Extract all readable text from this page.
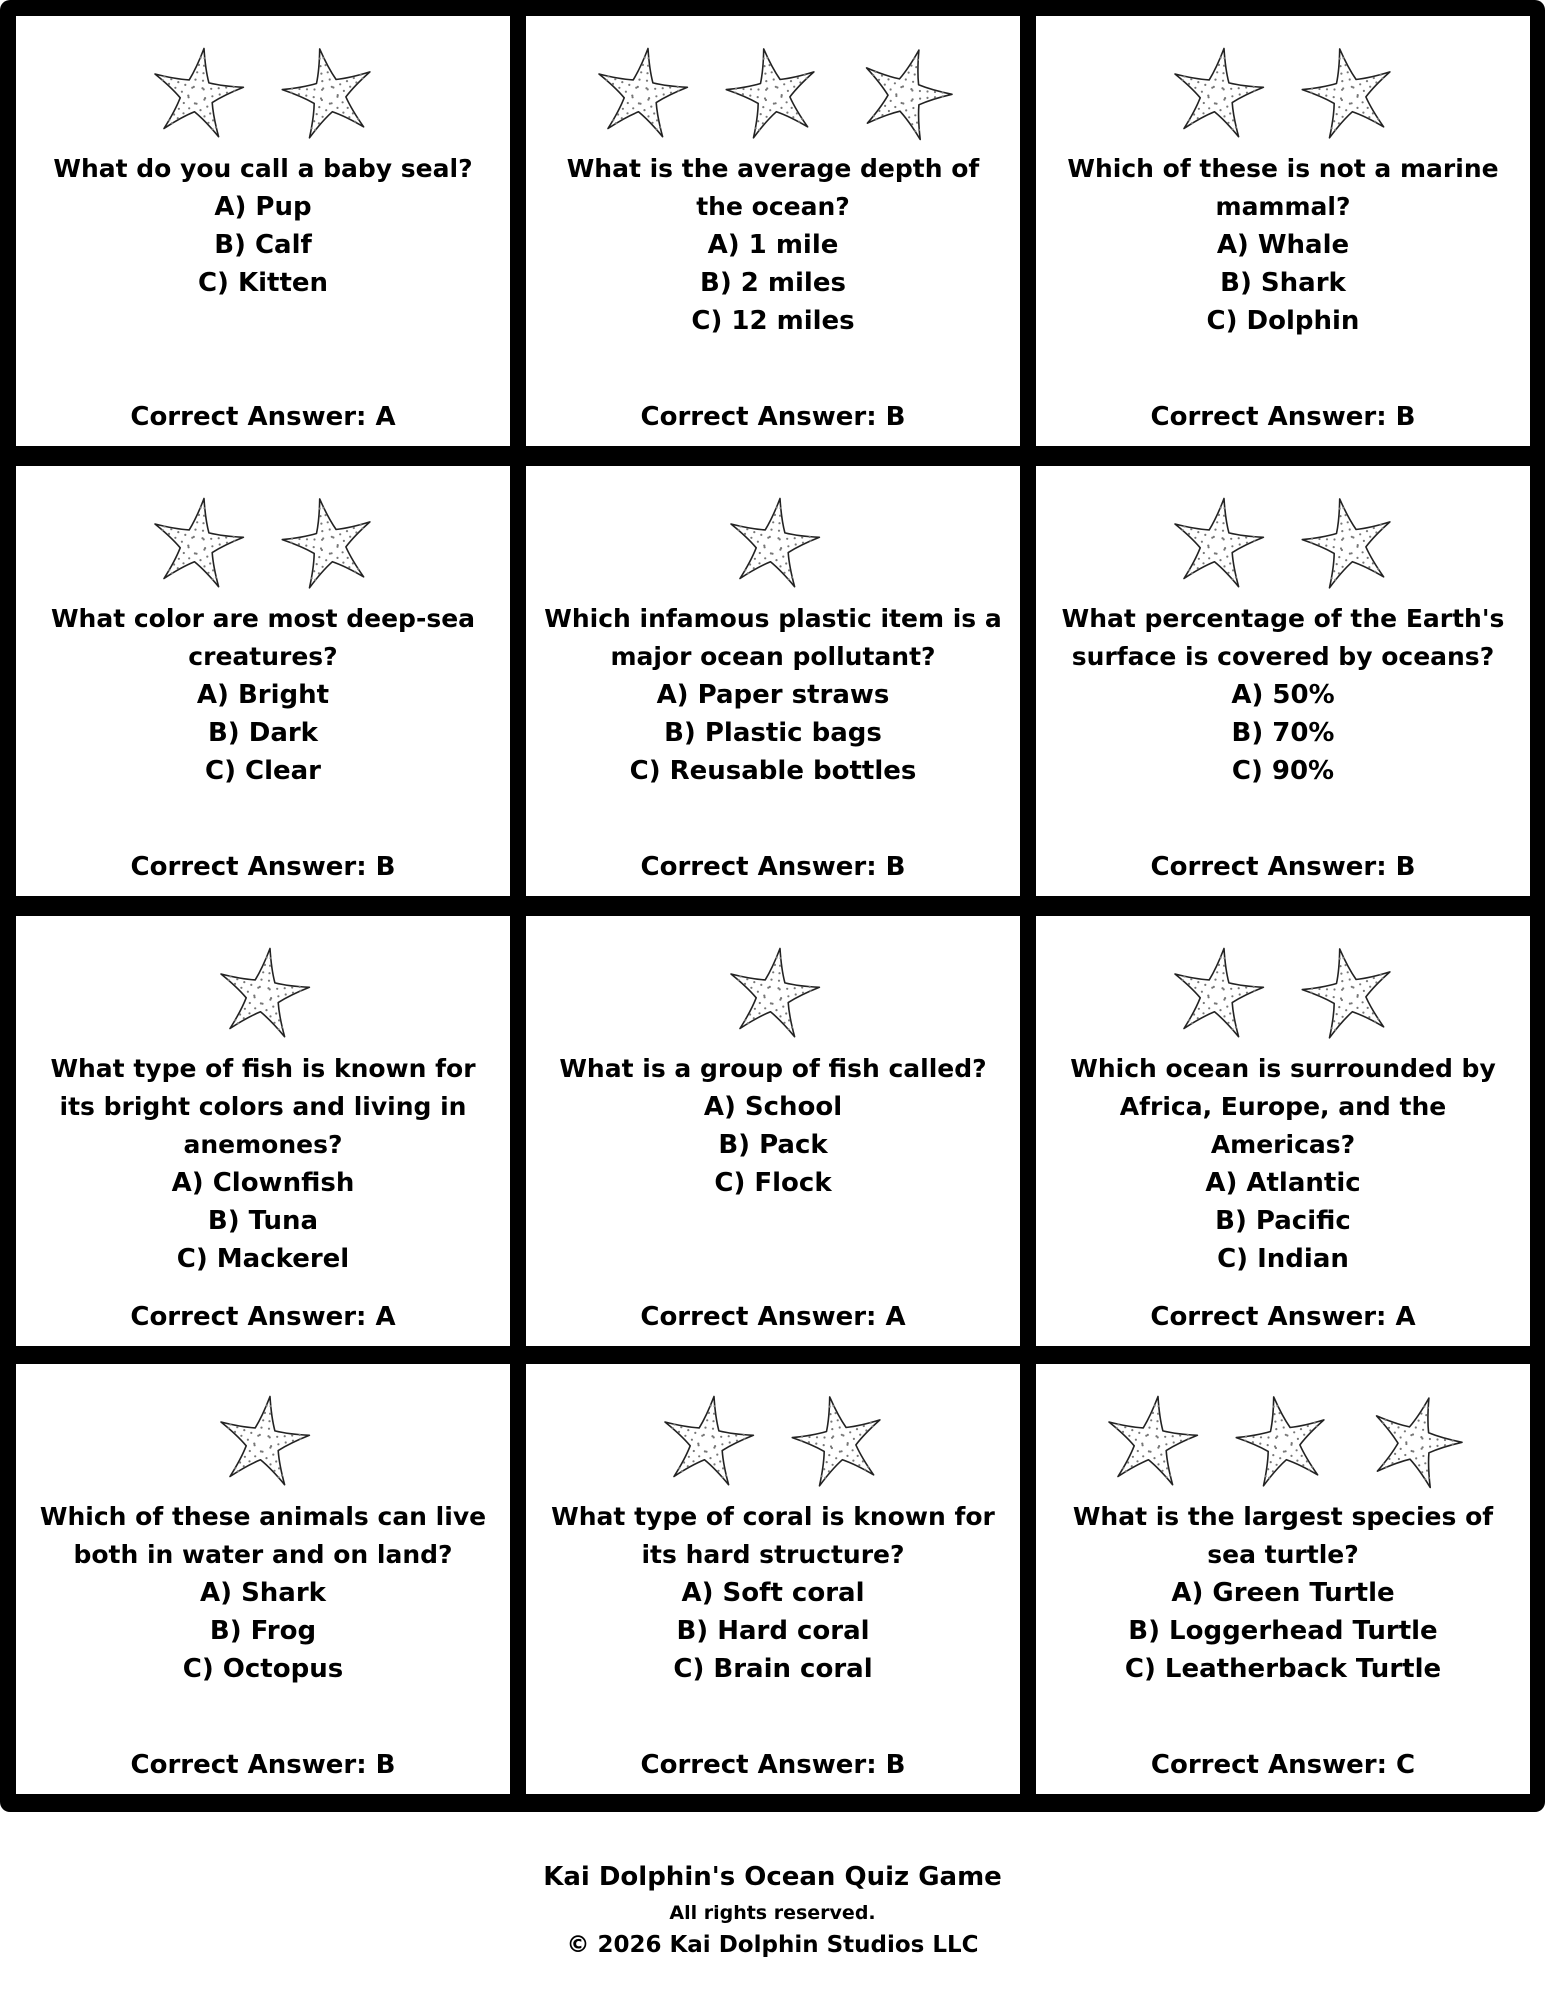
What do you call a baby seal?
A) Pup
B) Calf
C) Kitten
Correct Answer: A
What is the average depth of the ocean?
A) 1 mile
B) 2 miles
C) 12 miles
Correct Answer: B
Which of these is not a marine mammal?
A) Whale
B) Shark
C) Dolphin
Correct Answer: B
What color are most deep-sea creatures?
A) Bright
B) Dark
C) Clear
Correct Answer: B
Which infamous plastic item is a major ocean pollutant?
A) Paper straws
B) Plastic bags
C) Reusable bottles
Correct Answer: B
What percentage of the Earth's surface is covered by oceans?
A) 50%
B) 70%
C) 90%
Correct Answer: B
What type of fish is known for its bright colors and living in anemones?
A) Clownfish
B) Tuna
C) Mackerel
Correct Answer: A
What is a group of fish called?
A) School
B) Pack
C) Flock
Correct Answer: A
Which ocean is surrounded by Africa, Europe, and the Americas?
A) Atlantic
B) Pacific
C) Indian
Correct Answer: A
Which of these animals can live both in water and on land?
A) Shark
B) Frog
C) Octopus
Correct Answer: B
What type of coral is known for its hard structure?
A) Soft coral
B) Hard coral
C) Brain coral
Correct Answer: B
What is the largest species of sea turtle?
A) Green Turtle
B) Loggerhead Turtle
C) Leatherback Turtle
Correct Answer: C
Kai Dolphin's Ocean Quiz Game
All rights reserved.
© 2026 Kai Dolphin Studios LLC
